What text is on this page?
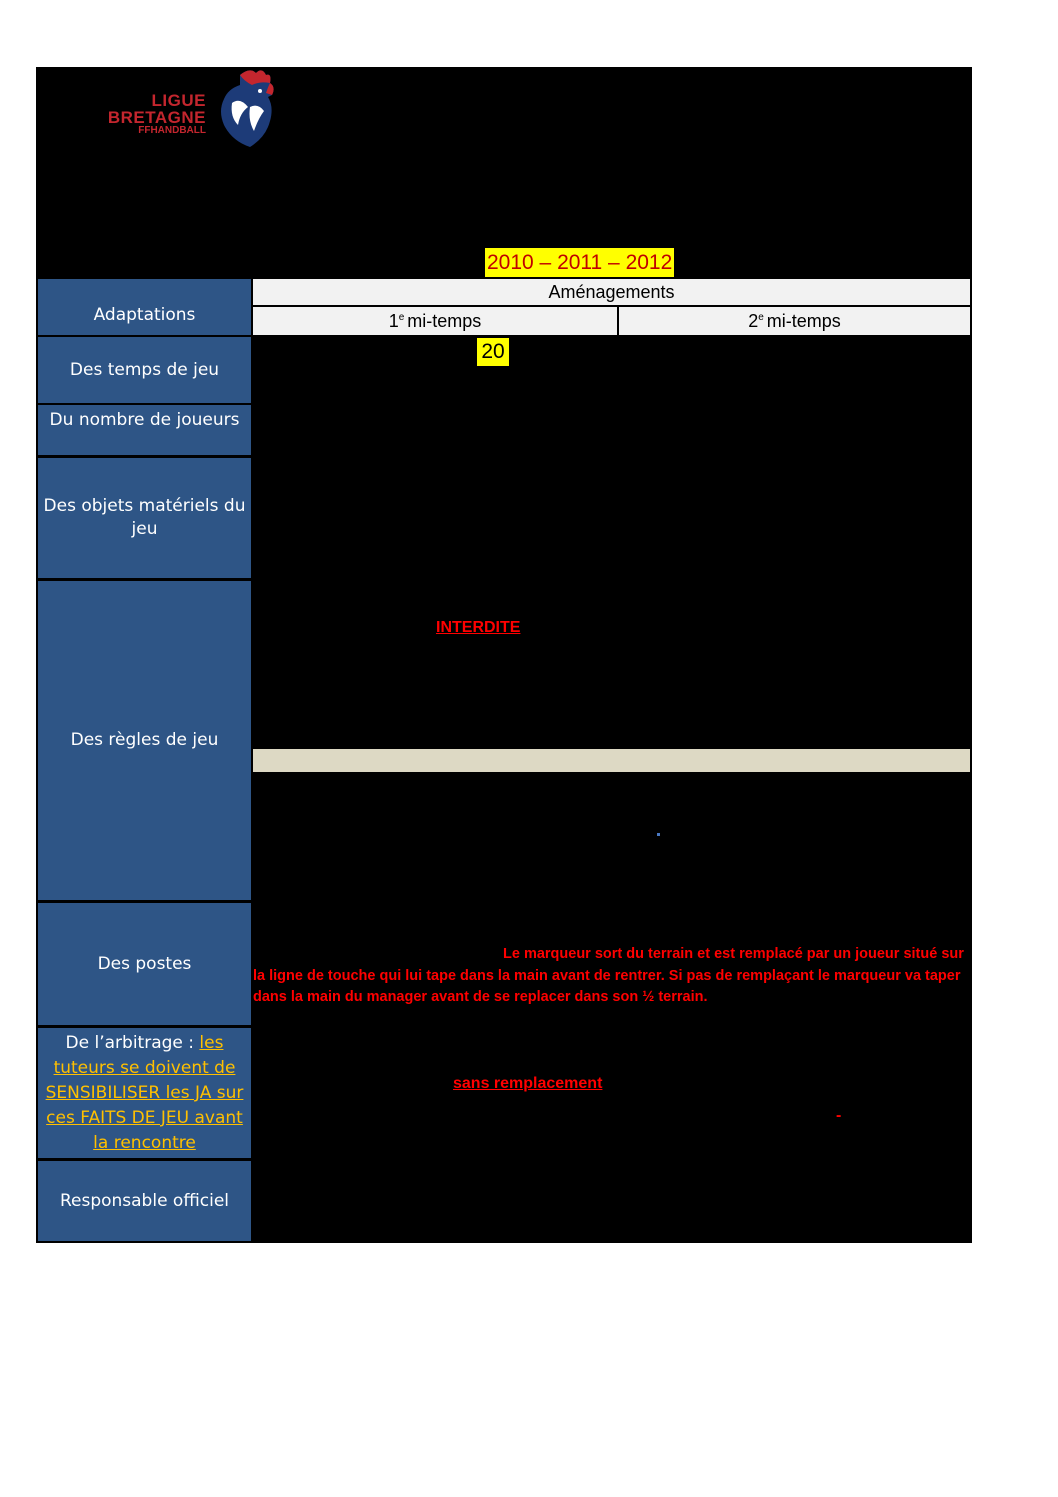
LIGUE
BRETAGNE
FFHANDBALL
2010 – 2011 – 2012
Adaptations
Aménagements
1e mi-temps	2e mi-temps
Des temps de jeu
Du nombre de joueurs
Des objets matériels du jeu
Des règles de jeu
Des postes
De l’arbitrage : les tuteurs se doivent de SENSIBILISER les JA sur ces FAITS DE JEU avant la rencontre
Responsable officiel
20
INTERDITE
Le marqueur sort du terrain et est remplacé par un joueur situé sur la ligne de touche qui lui tape dans la main avant de rentrer. Si pas de remplaçant le marqueur va taper dans la main du manager avant de se replacer dans son ½ terrain.
sans remplacement
-
